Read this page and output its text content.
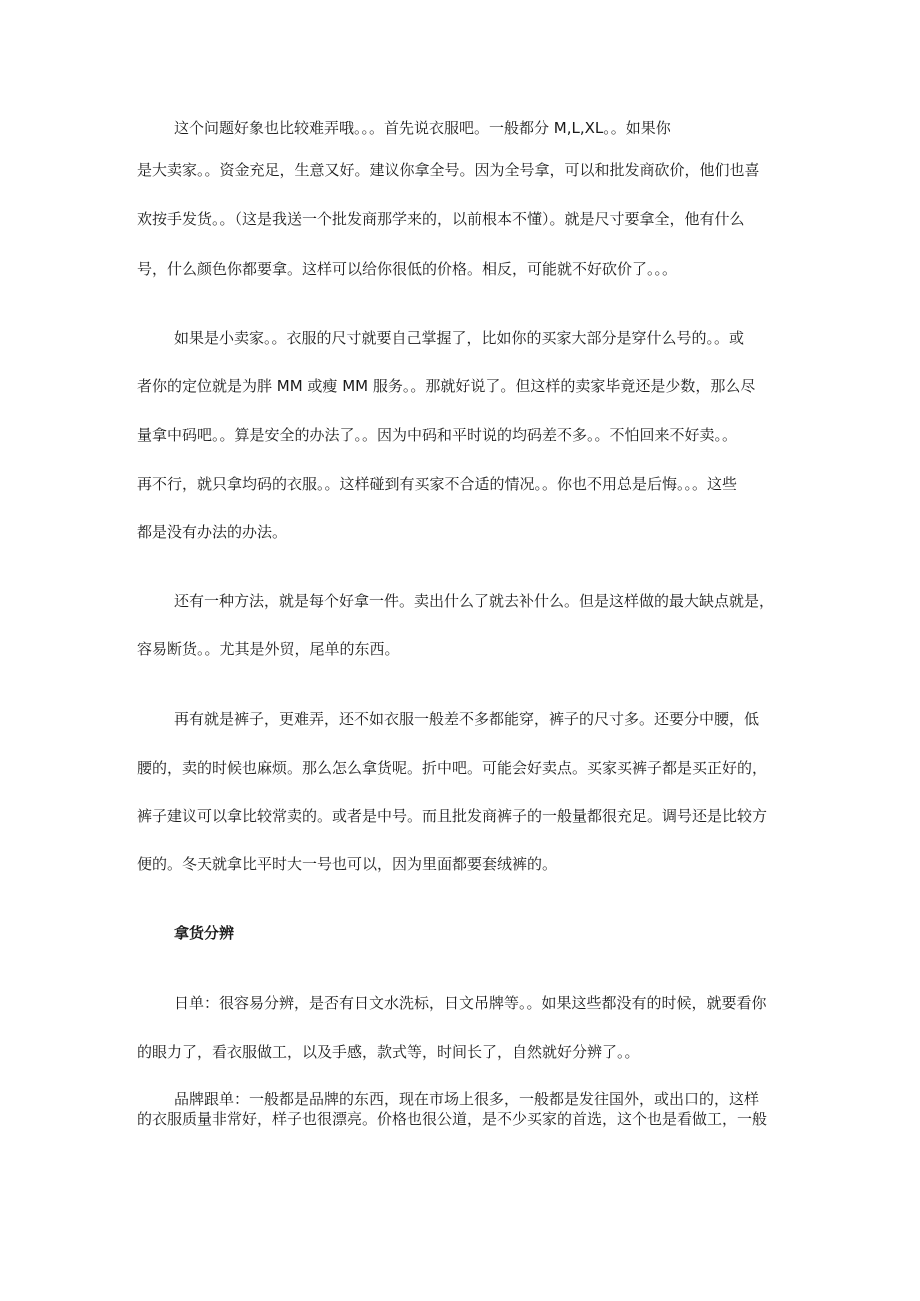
这个问题好象也比较难弄哦。。。首先说衣服吧。一般都分 M,L,XL。。如果你
是大卖家。。资金充足，生意又好。建议你拿全号。因为全号拿，可以和批发商砍价，他们也喜
欢按手发货。。（这是我送一个批发商那学来的，以前根本不懂）。就是尺寸要拿全，他有什么
号，什么颜色你都要拿。这样可以给你很低的价格。相反，可能就不好砍价了。。。
如果是小卖家。。衣服的尺寸就要自己掌握了，比如你的买家大部分是穿什么号的。。或
者你的定位就是为胖 MM 或瘦 MM 服务。。那就好说了。但这样的卖家毕竟还是少数，那么尽
量拿中码吧。。算是安全的办法了。。因为中码和平时说的均码差不多。。不怕回来不好卖。。
再不行，就只拿均码的衣服。。这样碰到有买家不合适的情况。。你也不用总是后悔。。。这些
都是没有办法的办法。
还有一种方法，就是每个好拿一件。卖出什么了就去补什么。但是这样做的最大缺点就是，
容易断货。。尤其是外贸，尾单的东西。
再有就是裤子，更难弄，还不如衣服一般差不多都能穿，裤子的尺寸多。还要分中腰，低
腰的，卖的时候也麻烦。那么怎么拿货呢。折中吧。可能会好卖点。买家买裤子都是买正好的，
裤子建议可以拿比较常卖的。或者是中号。而且批发商裤子的一般量都很充足。调号还是比较方
便的。冬天就拿比平时大一号也可以，因为里面都要套绒裤的。
拿货分辨
日单：很容易分辨，是否有日文水洗标，日文吊牌等。。如果这些都没有的时候，就要看你
的眼力了，看衣服做工，以及手感，款式等，时间长了，自然就好分辨了。。
品牌跟单：一般都是品牌的东西，现在市场上很多，一般都是发往国外，或出口的，这样
的衣服质量非常好，样子也很漂亮。价格也很公道，是不少买家的首选，这个也是看做工，一般
